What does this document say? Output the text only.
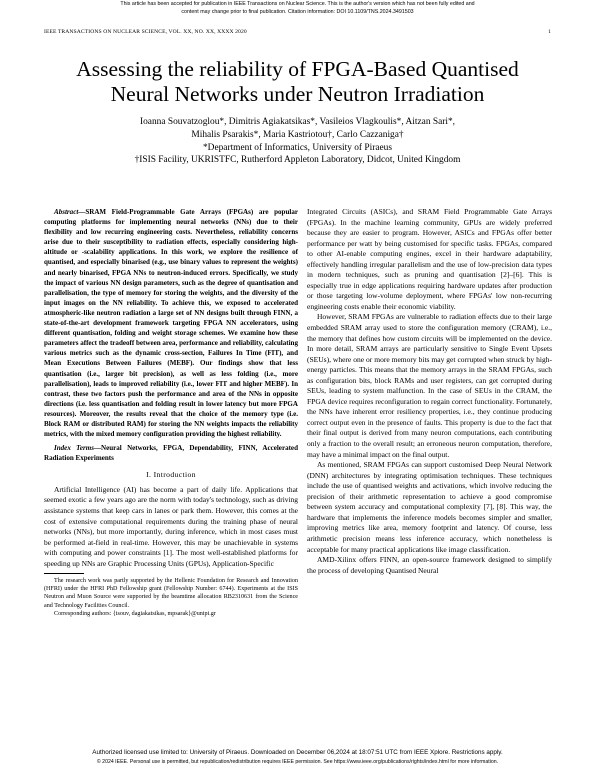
This article has been accepted for publication in IEEE Transactions on Nuclear Science. This is the author's version which has not been fully edited and
content may change prior to final publication. Citation information: DOI 10.1109/TNS.2024.3491503
IEEE TRANSACTIONS ON NUCLEAR SCIENCE, VOL. XX, NO. XX, XXXX 2020	1
Assessing the reliability of FPGA-Based Quantised
Neural Networks under Neutron Irradiation
Ioanna Souvatzoglou*, Dimitris Agiakatsikas*, Vasileios Vlagkoulis*, Aitzan Sari*,
Mihalis Psarakis*, Maria Kastriotou†, Carlo Cazzaniga†
*Department of Informatics, University of Piraeus
†ISIS Facility, UKRISTFC, Rutherford Appleton Laboratory, Didcot, United Kingdom

Abstract—SRAM Field-Programmable Gate Arrays (FPGAs) are popular computing platforms for implementing neural networks (NNs) due to their flexibility and low recurring engineering costs. Nevertheless, reliability concerns arise due to their susceptibility to radiation effects, especially considering high-altitude or -scalability applications. In this work, we explore the resilience of quantised, and especially binarised (e.g., use binary values to represent the weights) and nearly binarised, FPGA NNs to neutron-induced errors. Specifically, we study the impact of various NN design parameters, such as the degree of quantisation and parallelisation, the type of memory for storing the weights, and the diversity of the input images on the NN reliability. To achieve this, we exposed to accelerated atmospheric-like neutron radiation a large set of NN designs built through FINN, a state-of-the-art development framework targeting FPGA NN accelerators, using different quantisation, folding and weight storage schemes. We examine how these parameters affect the tradeoff between area, performance and reliability, calculating various metrics such as the dynamic cross-section, Failures In Time (FIT), and Mean Executions Between Failures (MEBF). Our findings show that less quantisation (i.e., larger bit precision), as well as less folding (i.e., more parallelisation), leads to improved reliability (i.e., lower FIT and higher MEBF). In contrast, these two factors push the performance and area of the NNs in opposite directions (i.e. less quantisation and folding result in lower latency but more FPGA resources). Moreover, the results reveal that the choice of the memory type (i.e. Block RAM or distributed RAM) for storing the NN weights impacts the reliability metrics, with the mixed memory configuration providing the highest reliability.

Index Terms—Neural Networks, FPGA, Dependability, FINN, Accelerated Radiation Experiments

I. Introduction

Artificial Intelligence (AI) has become a part of daily life. Applications that seemed exotic a few years ago are the norm with today's technology, such as driving assistance systems that keep cars in lanes or park them. However, this comes at the cost of extensive computational requirements during the training phase of neural networks (NNs), but more importantly, during inference, which in most cases must be performed at-field in real-time. However, this may be unachievable in systems with computing and power constraints [1]. The most well-established platforms for speeding up NNs are Graphic Processing Units (GPUs), Application-Specific

The research work was partly supported by the Hellenic Foundation for Research and Innovation (HFRI) under the HFRI PhD Fellowship grant (Fellowship Number: 6744). Experiments at the ISIS Neutron and Muon Source were supported by the beamtime allocation RB2310631 from the Science and Technology Facilities Council.

Corresponding authors: {isouv, dagiakatsikas, mpsarak}@unipi.gr

Integrated Circuits (ASICs), and SRAM Field Programmable Gate Arrays (FPGAs). In the machine learning community, GPUs are widely preferred because they are easier to program. However, ASICs and FPGAs offer better performance per watt by being customised for specific tasks. FPGAs, compared to other AI-enable computing engines, excel in their hardware adaptability, effectively handling irregular parallelism and the use of low-precision data types in modern techniques, such as pruning and quantisation [2]–[6]. This is especially true in edge applications requiring hardware updates after production or those targeting low-volume deployment, where FPGAs' low non-recurring engineering costs enable their economic viability.

However, SRAM FPGAs are vulnerable to radiation effects due to their large embedded SRAM array used to store the configuration memory (CRAM), i.e., the memory that defines how custom circuits will be implemented on the device. In more detail, SRAM arrays are particularly sensitive to Single Event Upsets (SEUs), where one or more memory bits may get corrupted when struck by high-energy particles. This means that the memory arrays in the SRAM FPGAs, such as configuration bits, block RAMs and user registers, can get corrupted during SEUs, leading to system malfunction. In the case of SEUs in the CRAM, the FPGA device requires reconfiguration to regain correct functionality. Fortunately, the NNs have inherent error resiliency properties, i.e., they continue producing correct output even in the presence of faults. This property is due to the fact that their final output is derived from many neuron computations, each contributing only a fraction to the overall result; an erroneous neuron computation, therefore, may have a minimal impact on the final output.

As mentioned, SRAM FPGAs can support customised Deep Neural Network (DNN) architectures by integrating optimisation techniques. These techniques include the use of quantised weights and activations, which involve reducing the precision of their arithmetic representation to achieve a good compromise between system accuracy and computational complexity [7], [8]. This way, the hardware that implements the inference models becomes simpler and smaller, improving metrics like area, memory footprint and latency. Of course, less arithmetic precision means less inference accuracy, which nonetheless is acceptable for many practical applications like image classification.

AMD-Xilinx offers FINN, an open-source framework designed to simplify the process of developing Quantised Neural

Authorized licensed use limited to: University of Piraeus. Downloaded on December 06,2024 at 18:07:51 UTC from IEEE Xplore. Restrictions apply.
© 2024 IEEE. Personal use is permitted, but republication/redistribution requires IEEE permission. See https://www.ieee.org/publications/rights/index.html for more information.
